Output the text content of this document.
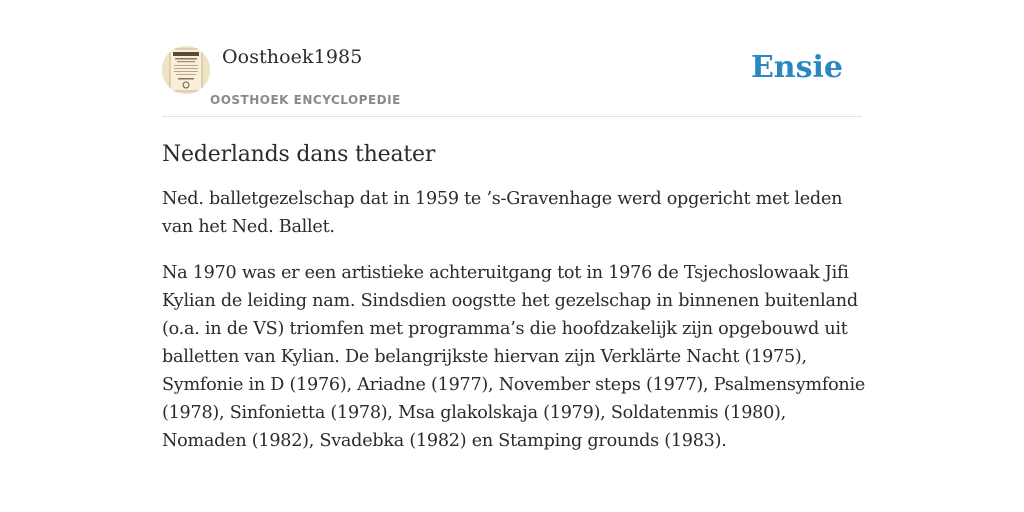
Oosthoek1985
OOSTHOEK ENCYCLOPEDIE
Ensie
Nederlands dans theater

Ned. balletgezelschap dat in 1959 te ’s-Gravenhage werd opgericht met leden van het Ned. Ballet.

Na 1970 was er een artistieke achteruitgang tot in 1976 de Tsjechoslowaak Jifi Kylian de leiding nam. Sindsdien oogstte het gezelschap in binnenen buitenland (o.a. in de VS) triomfen met programma’s die hoofdzakelijk zijn opgebouwd uit balletten van Kylian. De belangrijkste hiervan zijn Verklärte Nacht (1975), Symfonie in D (1976), Ariadne (1977), November steps (1977), Psalmensymfonie (1978), Sinfonietta (1978), Msa glakolskaja (1979), Soldatenmis (1980), Nomaden (1982), Svadebka (1982) en Stamping grounds (1983).
